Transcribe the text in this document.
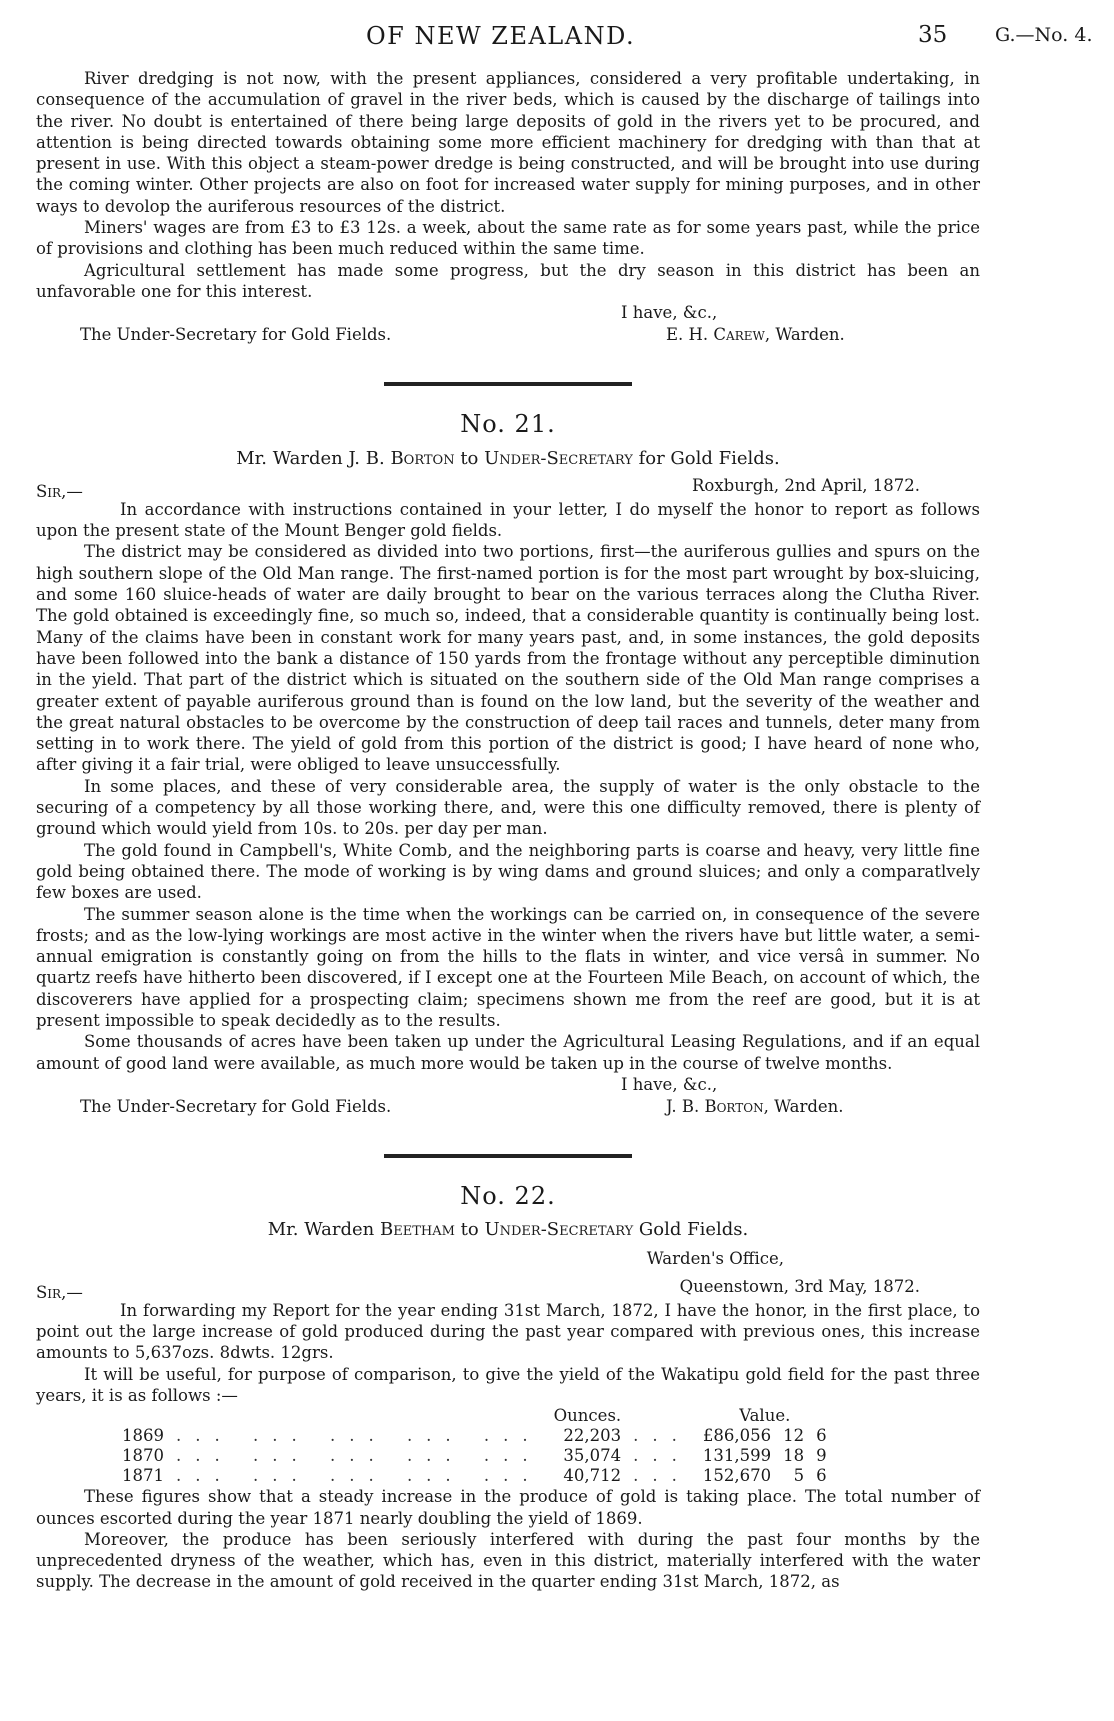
OF NEW ZEALAND.	35	G.—No. 4.

River dredging is not now, with the present appliances, considered a very profitable undertaking, in consequence of the accumulation of gravel in the river beds, which is caused by the discharge of tailings into the river. No doubt is entertained of there being large deposits of gold in the rivers yet to be procured, and attention is being directed towards obtaining some more efficient machinery for dredging with than that at present in use. With this object a steam-power dredge is being constructed, and will be brought into use during the coming winter. Other projects are also on foot for increased water supply for mining purposes, and in other ways to devolop the auriferous resources of the district.

Miners' wages are from £3 to £3 12s. a week, about the same rate as for some years past, while the price of provisions and clothing has been much reduced within the same time.

Agricultural settlement has made some progress, but the dry season in this district has been an unfavorable one for this interest.

I have, &c.,
The Under-Secretary for Gold Fields.	E. H. Carew, Warden.
No. 21.
Mr. Warden J. B. Borton to Under-Secretary for Gold Fields.
Sir,—	Roxburgh, 2nd April, 1872.

In accordance with instructions contained in your letter, I do myself the honor to report as follows upon the present state of the Mount Benger gold fields.

The district may be considered as divided into two portions, first—the auriferous gullies and spurs on the high southern slope of the Old Man range. The first-named portion is for the most part wrought by box-sluicing, and some 160 sluice-heads of water are daily brought to bear on the various terraces along the Clutha River. The gold obtained is exceedingly fine, so much so, indeed, that a considerable quantity is continually being lost. Many of the claims have been in constant work for many years past, and, in some instances, the gold deposits have been followed into the bank a distance of 150 yards from the frontage without any perceptible diminution in the yield. That part of the district which is situated on the southern side of the Old Man range comprises a greater extent of payable auriferous ground than is found on the low land, but the severity of the weather and the great natural obstacles to be overcome by the construction of deep tail races and tunnels, deter many from setting in to work there. The yield of gold from this portion of the district is good; I have heard of none who, after giving it a fair trial, were obliged to leave unsuccessfully.

In some places, and these of very considerable area, the supply of water is the only obstacle to the securing of a competency by all those working there, and, were this one difficulty removed, there is plenty of ground which would yield from 10s. to 20s. per day per man.

The gold found in Campbell's, White Comb, and the neighboring parts is coarse and heavy, very little fine gold being obtained there. The mode of working is by wing dams and ground sluices; and only a comparatlvely few boxes are used.

The summer season alone is the time when the workings can be carried on, in consequence of the severe frosts; and as the low-lying workings are most active in the winter when the rivers have but little water, a semi-annual emigration is constantly going on from the hills to the flats in winter, and vice versâ in summer. No quartz reefs have hitherto been discovered, if I except one at the Fourteen Mile Beach, on account of which, the discoverers have applied for a prospecting claim; specimens shown me from the reef are good, but it is at present impossible to speak decidedly as to the results.

Some thousands of acres have been taken up under the Agricultural Leasing Regulations, and if an equal amount of good land were available, as much more would be taken up in the course of twelve months.

I have, &c.,
The Under-Secretary for Gold Fields.	J. B. Borton, Warden.
No. 22.
Mr. Warden Beetham to Under-Secretary Gold Fields.
Warden's Office,
Sir,—	Queenstown, 3rd May, 1872.

In forwarding my Report for the year ending 31st March, 1872, I have the honor, in the first place, to point out the large increase of gold produced during the past year compared with previous ones, this increase amounts to 5,637ozs. 8dwts. 12grs.

It will be useful, for purpose of comparison, to give the yield of the Wakatipu gold field for the past three years, it is as follows :—

		Ounces.		Value.		
1869	... ... ... ... ...	22,203	...	£86,056	12	6
1870	... ... ... ... ...	35,074	...	131,599	18	9
1871	... ... ... ... ...	40,712	...	152,670	5	6

These figures show that a steady increase in the produce of gold is taking place. The total number of ounces escorted during the year 1871 nearly doubling the yield of 1869.

Moreover, the produce has been seriously interfered with during the past four months by the unprecedented dryness of the weather, which has, even in this district, materially interfered with the water supply. The decrease in the amount of gold received in the quarter ending 31st March, 1872, as
